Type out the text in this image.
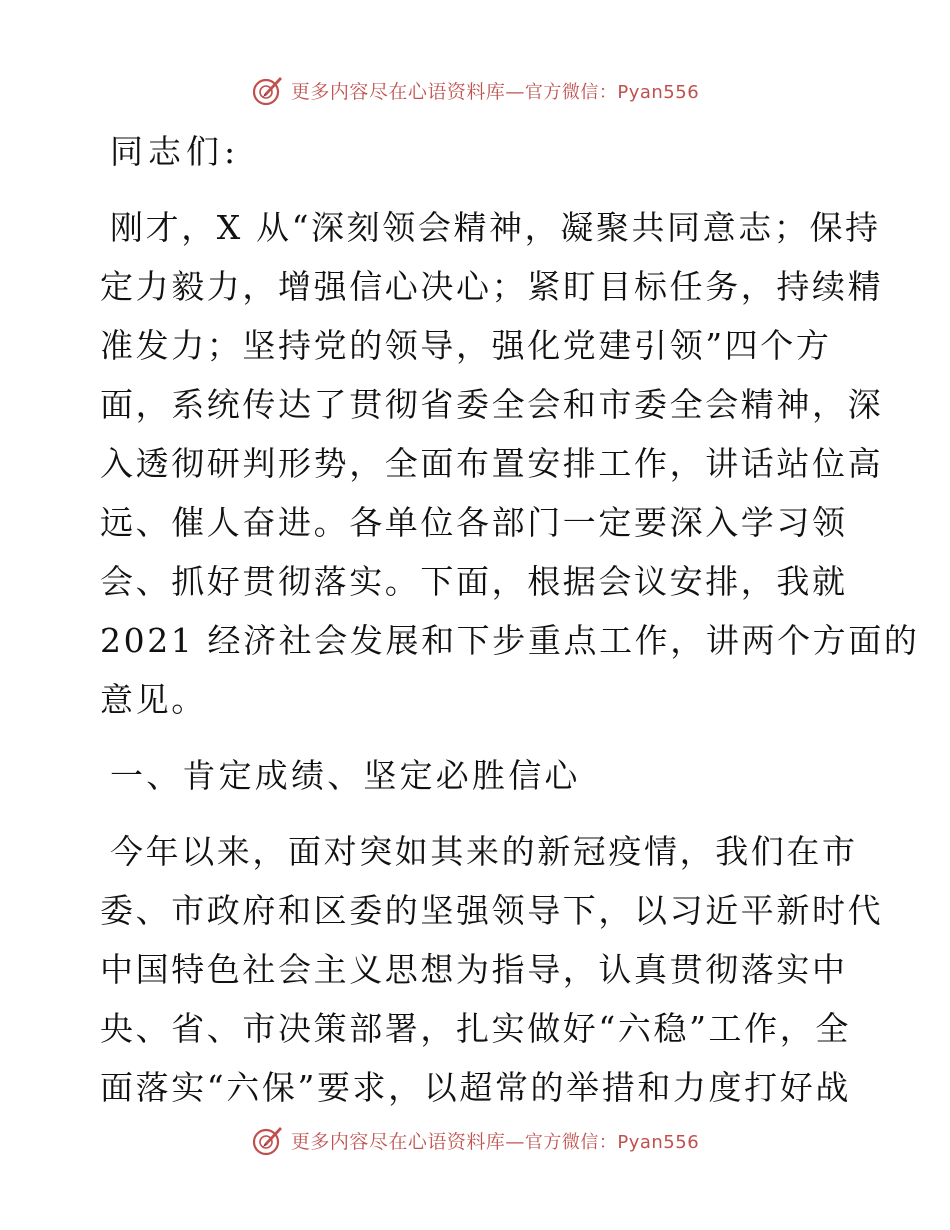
更多内容尽在心语资料库—官方微信：Pyan556
同志们:
刚才，X 从“深刻领会精神，凝聚共同意志；保持
定力毅力，增强信心决心；紧盯目标任务，持续精
准发力；坚持党的领导，强化党建引领”四个方
面，系统传达了贯彻省委全会和市委全会精神，深
入透彻研判形势，全面布置安排工作，讲话站位高
远、催人奋进。各单位各部门一定要深入学习领
会、抓好贯彻落实。下面，根据会议安排，我就
2021 经济社会发展和下步重点工作，讲两个方面的
意见。
一、肯定成绩、坚定必胜信心
今年以来，面对突如其来的新冠疫情，我们在市
委、市政府和区委的坚强领导下，以习近平新时代
中国特色社会主义思想为指导，认真贯彻落实中
央、省、市决策部署，扎实做好“六稳”工作，全
面落实“六保”要求，以超常的举措和力度打好战
更多内容尽在心语资料库—官方微信：Pyan556
